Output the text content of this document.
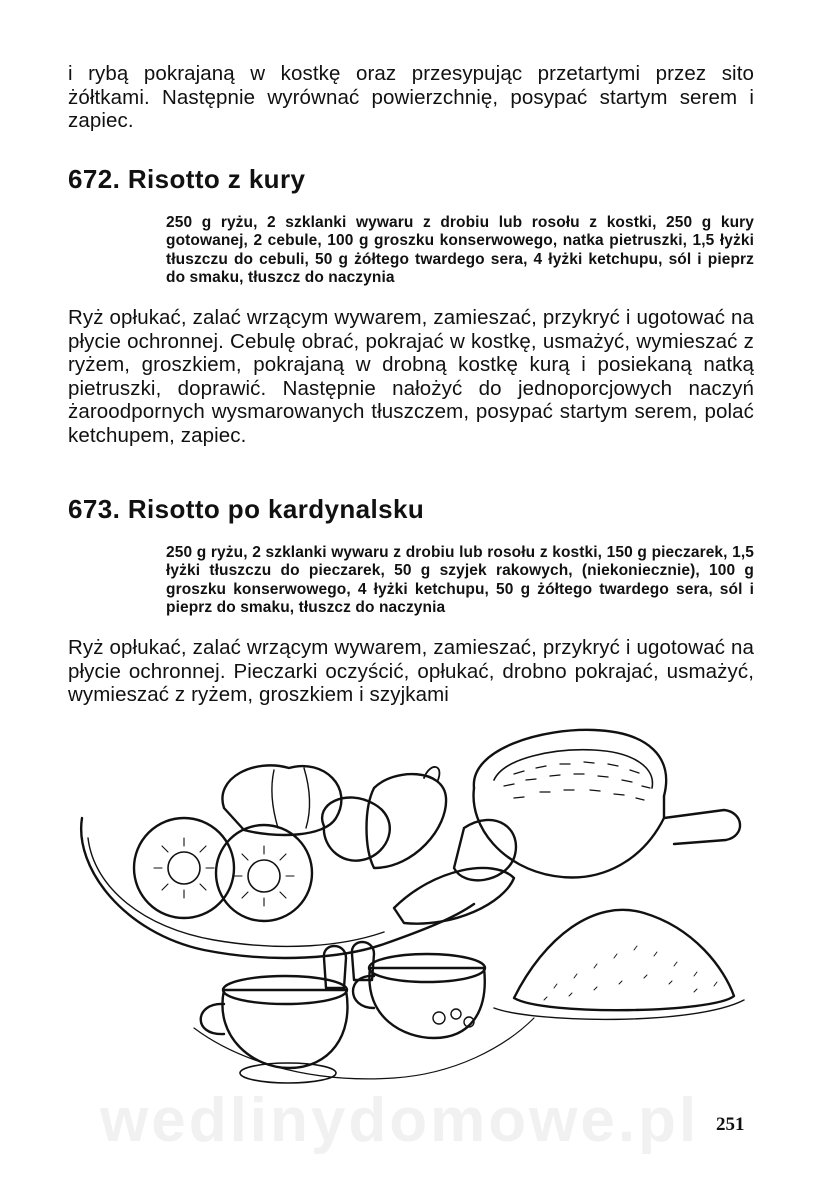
i rybą pokrajaną w kostkę oraz przesypując przetartymi przez sito żółtkami. Następnie wyrównać powierzchnię, posypać startym serem i zapiec.
672. Risotto z kury
250 g ryżu, 2 szklanki wywaru z drobiu lub rosołu z kostki, 250 g kury gotowanej, 2 cebule, 100 g groszku konserwowego, natka pietruszki, 1,5 łyżki tłuszczu do cebuli, 50 g żółtego twardego sera, 4 łyżki ketchupu, sól i pieprz do smaku, tłuszcz do naczynia
Ryż opłukać, zalać wrzącym wywarem, zamieszać, przykryć i ugotować na płycie ochronnej. Cebulę obrać, pokrajać w kostkę, usmażyć, wymieszać z ryżem, groszkiem, pokrajaną w drobną kostkę kurą i posiekaną natką pietruszki, doprawić. Następnie nałożyć do jednoporcjowych naczyń żaroodpornych wysmarowanych tłuszczem, posypać startym serem, polać ketchupem, zapiec.
673. Risotto po kardynalsku
250 g ryżu, 2 szklanki wywaru z drobiu lub rosołu z kostki, 150 g pieczarek, 1,5 łyżki tłuszczu do pieczarek, 50 g szyjek rakowych, (niekoniecznie), 100 g groszku konserwowego, 4 łyżki ketchupu, 50 g żółtego twardego sera, sól i pieprz do smaku, tłuszcz do naczynia
Ryż opłukać, zalać wrzącym wywarem, zamieszać, przykryć i ugotować na płycie ochronnej. Pieczarki oczyścić, opłukać, drobno pokrajać, usmażyć, wymieszać z ryżem, groszkiem i szyjkami
wedlinydomowe.pl 251
